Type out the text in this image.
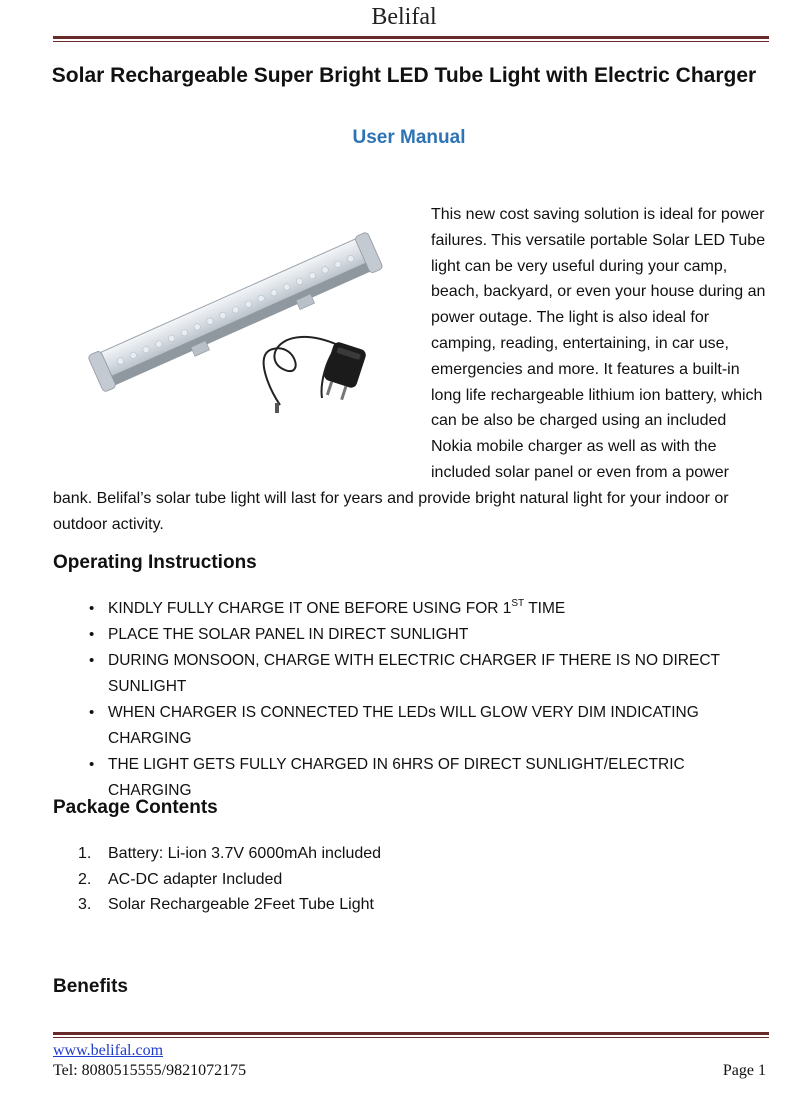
Belifal
Solar Rechargeable Super Bright LED Tube Light with Electric Charger
User Manual
This new cost saving solution is ideal for power failures. This versatile portable Solar LED Tube light can be very useful during your camp, beach, backyard, or even your house during an power outage. The light is also ideal for camping, reading, entertaining, in car use, emergencies and more. It features a built-in long life rechargeable lithium ion battery, which can be also be charged using an included Nokia mobile charger as well as with the included solar panel or even from a power bank. Belifal’s solar tube light will last for years and provide bright natural light for your indoor or outdoor activity.
Operating Instructions
• KINDLY FULLY CHARGE IT ONE BEFORE USING FOR 1ST TIME
• PLACE THE SOLAR PANEL IN DIRECT SUNLIGHT
• DURING MONSOON, CHARGE WITH ELECTRIC CHARGER IF THERE IS NO DIRECT SUNLIGHT
• WHEN CHARGER IS CONNECTED THE LEDs WILL GLOW VERY DIM INDICATING CHARGING
• THE LIGHT GETS FULLY CHARGED IN 6HRS OF DIRECT SUNLIGHT/ELECTRIC CHARGING
Package Contents
1. Battery: Li-ion 3.7V 6000mAh included
2. AC-DC adapter Included
3. Solar Rechargeable 2Feet Tube Light
Benefits
www.belifal.com
Tel: 8080515555/9821072175	Page 1
